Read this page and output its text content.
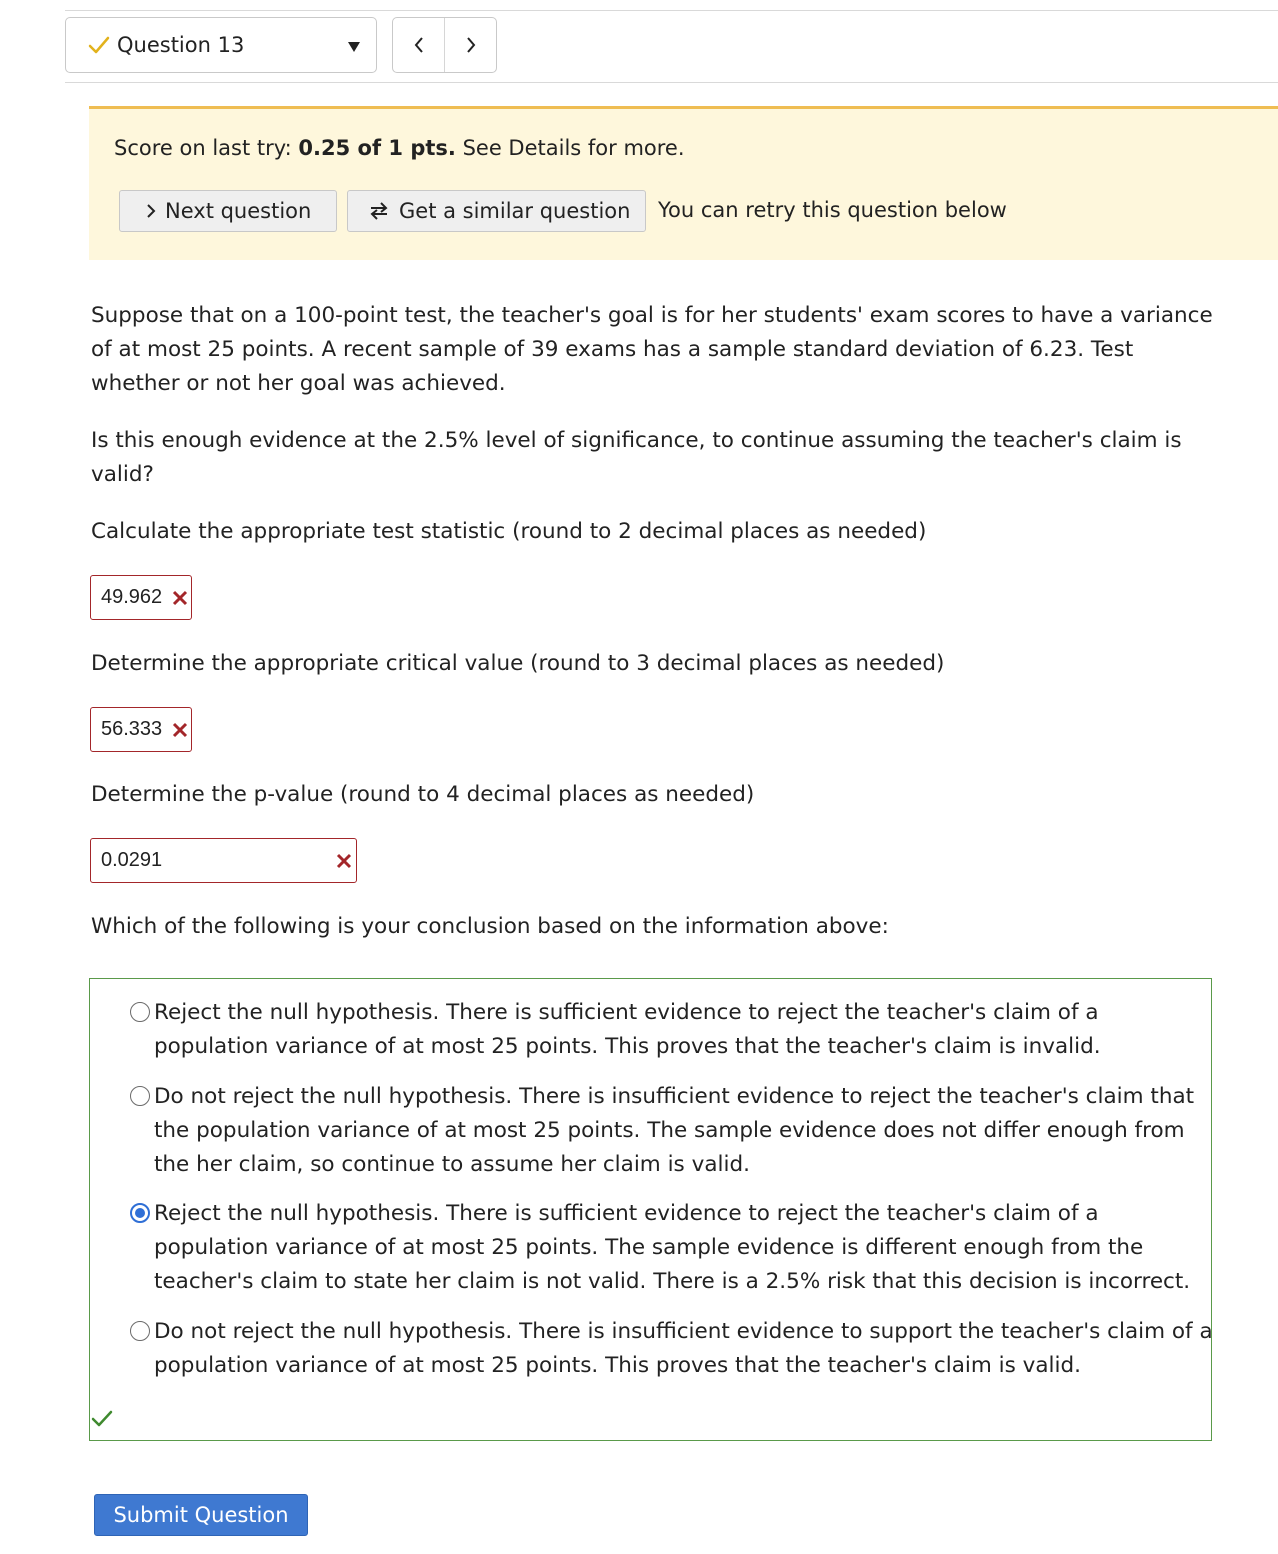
Question 13
Score on last try: 0.25 of 1 pts. See Details for more.
Next question	Get a similar question You can retry this question below
Suppose that on a 100-point test, the teacher's goal is for her students' exam scores to have a variance of at most 25 points. A recent sample of 39 exams has a sample standard deviation of 6.23. Test whether or not her goal was achieved.
Is this enough evidence at the 2.5% level of significance, to continue assuming the teacher's claim is valid?
Calculate the appropriate test statistic (round to 2 decimal places as needed)
49.962
Determine the appropriate critical value (round to 3 decimal places as needed)
56.333
Determine the p-value (round to 4 decimal places as needed)
0.0291
Which of the following is your conclusion based on the information above:
Reject the null hypothesis. There is sufficient evidence to reject the teacher's claim of a population variance of at most 25 points. This proves that the teacher's claim is invalid.
Do not reject the null hypothesis. There is insufficient evidence to reject the teacher's claim that the population variance of at most 25 points. The sample evidence does not differ enough from the her claim, so continue to assume her claim is valid.
Reject the null hypothesis. There is sufficient evidence to reject the teacher's claim of a population variance of at most 25 points. The sample evidence is different enough from the teacher's claim to state her claim is not valid. There is a 2.5% risk that this decision is incorrect.
Do not reject the null hypothesis. There is insufficient evidence to support the teacher's claim of a population variance of at most 25 points. This proves that the teacher's claim is valid.
Submit Question
